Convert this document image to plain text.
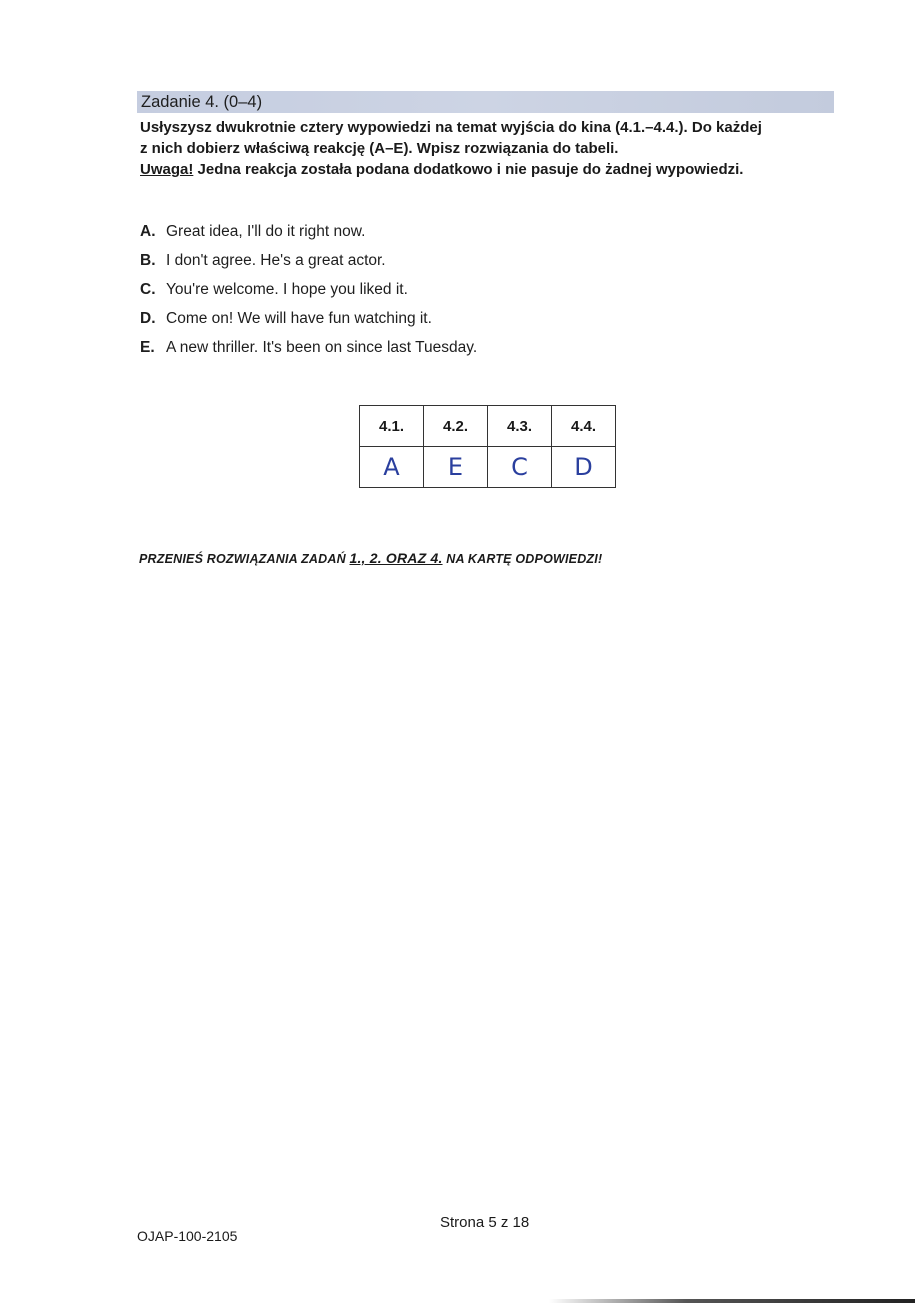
Zadanie 4. (0–4)
Usłyszysz dwukrotnie cztery wypowiedzi na temat wyjścia do kina (4.1.–4.4.). Do każdej
z nich dobierz właściwą reakcję (A–E). Wpisz rozwiązania do tabeli.
Uwaga! Jedna reakcja została podana dodatkowo i nie pasuje do żadnej wypowiedzi.
A. Great idea, I'll do it right now.
B. I don't agree. He's a great actor.
C. You're welcome. I hope you liked it.
D. Come on! We will have fun watching it.
E. A new thriller. It's been on since last Tuesday.
4.1.	4.2.	4.3.	4.4.
A	E	C	D
PRZENIEŚ ROZWIĄZANIA ZADAŃ 1., 2. ORAZ 4. NA KARTĘ ODPOWIEDZI!
OJAP-100-2105
Strona 5 z 18
